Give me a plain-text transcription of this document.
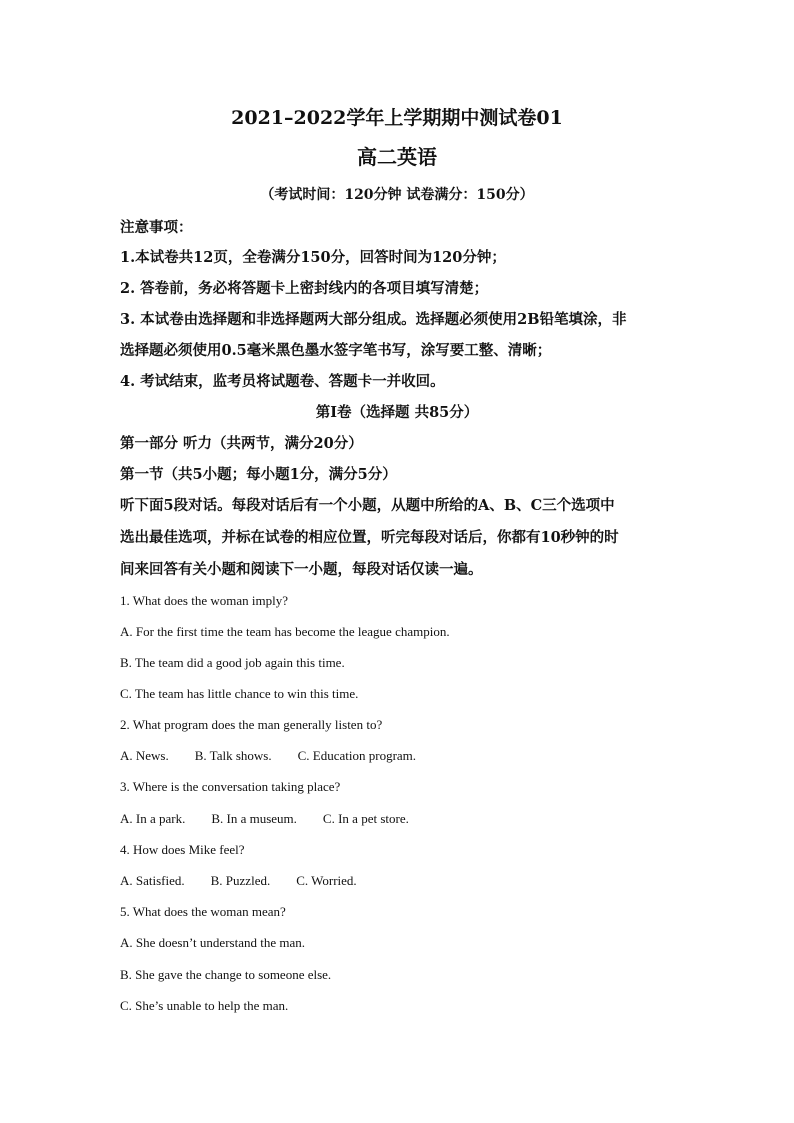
2021–2022学年上学期期中测试卷01
高二英语
（考试时间：120分钟 试卷满分：150分）
注意事项：
1.本试卷共12页，全卷满分150分，回答时间为120分钟；
2. 答卷前，务必将答题卡上密封线内的各项目填写清楚；
3. 本试卷由选择题和非选择题两大部分组成。选择题必须使用2B铅笔填涂，非
选择题必须使用0.5毫米黑色墨水签字笔书写，涂写要工整、清晰；
4. 考试结束，监考员将试题卷、答题卡一并收回。
第I卷（选择题 共85分）
第一部分 听力（共两节，满分20分）
第一节（共5小题；每小题1分，满分5分）
听下面5段对话。每段对话后有一个小题，从题中所给的A、B、C三个选项中
选出最佳选项，并标在试卷的相应位置，听完每段对话后，你都有10秒钟的时
间来回答有关小题和阅读下一小题，每段对话仅读一遍。
1. What does the woman imply?
A. For the first time the team has become the league champion.
B. The team did a good job again this time.
C. The team has little chance to win this time.
2. What program does the man generally listen to?
A. News. B. Talk shows. C. Education program.
3. Where is the conversation taking place?
A. In a park. B. In a museum. C. In a pet store.
4. How does Mike feel?
A. Satisfied. B. Puzzled. C. Worried.
5. What does the woman mean?
A. She doesn’t understand the man.
B. She gave the change to someone else.
C. She’s unable to help the man.
